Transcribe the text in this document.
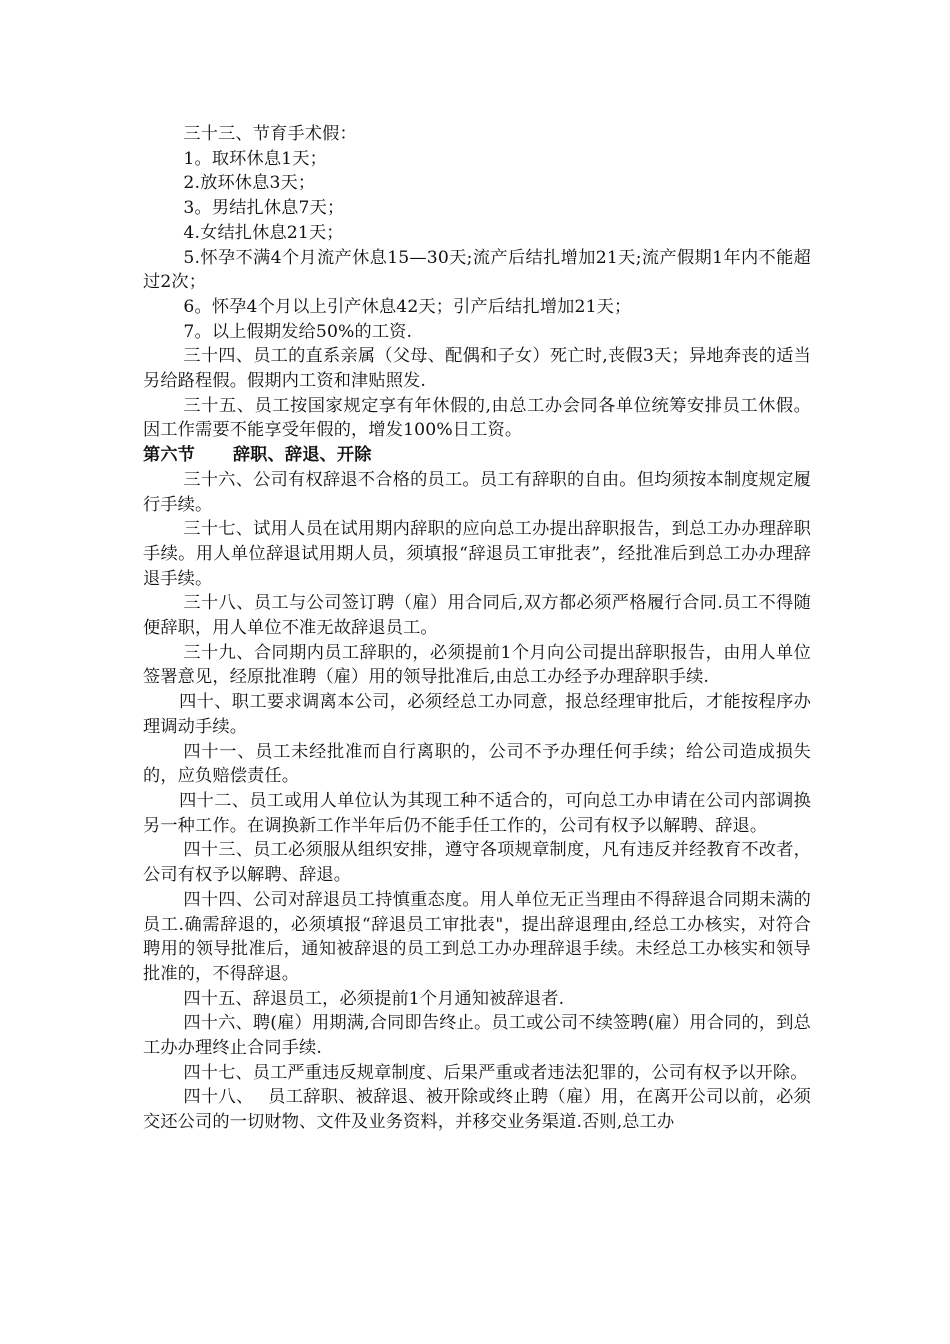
三十三、节育手术假：

1。取环休息1天；

2.放环休息3天；

3。男结扎休息7天；

4.女结扎休息21天；

5.怀孕不满4个月流产休息15—30天;流产后结扎增加21天;流产假期1年内不能超过2次；

6。怀孕4个月以上引产休息42天；引产后结扎增加21天；

7。以上假期发给50%的工资.

三十四、员工的直系亲属（父母、配偶和子女）死亡时,丧假3天；异地奔丧的适当另给路程假。假期内工资和津贴照发.

三十五、员工按国家规定享有年休假的,由总工办会同各单位统筹安排员工休假。因工作需要不能享受年假的，增发100%日工资。

第六节 辞职、辞退、开除

三十六、公司有权辞退不合格的员工。员工有辞职的自由。但均须按本制度规定履行手续。

三十七、试用人员在试用期内辞职的应向总工办提出辞职报告，到总工办办理辞职手续。用人单位辞退试用期人员，须填报“辞退员工审批表”，经批准后到总工办办理辞退手续。

三十八、员工与公司签订聘（雇）用合同后,双方都必须严格履行合同.员工不得随便辞职，用人单位不准无故辞退员工。

三十九、合同期内员工辞职的，必须提前1个月向公司提出辞职报告，由用人单位签署意见，经原批准聘（雇）用的领导批准后,由总工办经予办理辞职手续.

四十、职工要求调离本公司，必须经总工办同意，报总经理审批后，才能按程序办理调动手续。

四十一、员工未经批准而自行离职的，公司不予办理任何手续；给公司造成损失的，应负赔偿责任。

四十二、员工或用人单位认为其现工种不适合的，可向总工办申请在公司内部调换另一种工作。在调换新工作半年后仍不能手任工作的，公司有权予以解聘、辞退。

四十三、员工必须服从组织安排，遵守各项规章制度，凡有违反并经教育不改者，公司有权予以解聘、辞退。

四十四、公司对辞退员工持慎重态度。用人单位无正当理由不得辞退合同期未满的员工.确需辞退的，必须填报“辞退员工审批表"，提出辞退理由,经总工办核实，对符合聘用的领导批准后，通知被辞退的员工到总工办办理辞退手续。未经总工办核实和领导批准的，不得辞退。

四十五、辞退员工，必须提前1个月通知被辞退者.

四十六、聘(雇）用期满,合同即告终止。员工或公司不续签聘(雇）用合同的，到总工办办理终止合同手续.

四十七、员工严重违反规章制度、后果严重或者违法犯罪的，公司有权予以开除。

四十八、　 员工辞职、被辞退、被开除或终止聘（雇）用，在离开公司以前，必须交还公司的一切财物、文件及业务资料，并移交业务渠道.否则,总工办
